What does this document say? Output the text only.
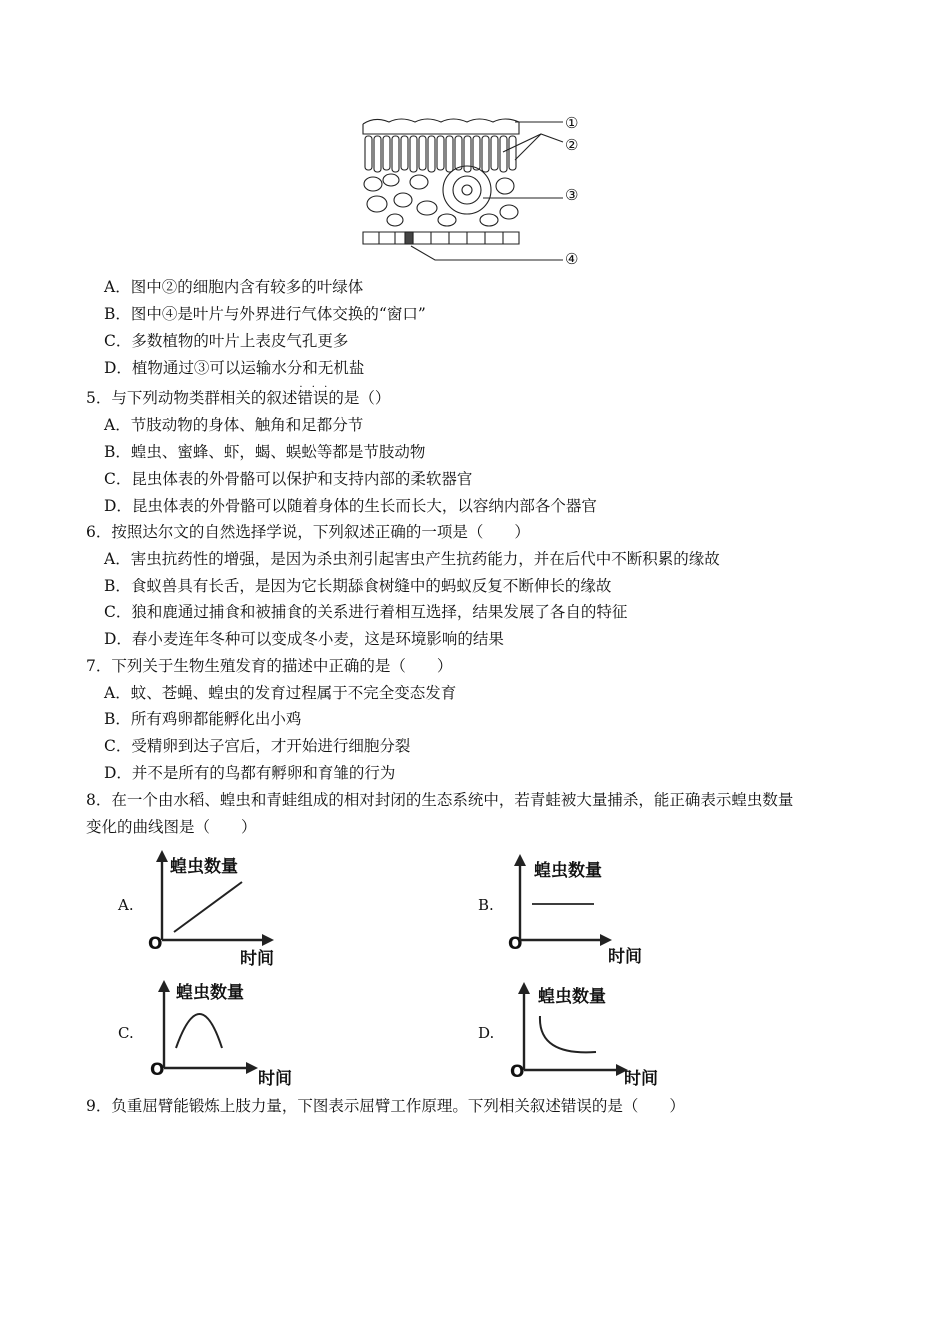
①
②
③
④
A．图中②的细胞内含有较多的叶绿体
B．图中④是叶片与外界进行气体交换的“窗口”
C．多数植物的叶片上表皮气孔更多
D．植物通过③可以运输水分和无机盐
5．与下列动物类群相关的叙述错误 · · ·的是（）
A．节肢动物的身体、触角和足都分节
B．蝗虫、蜜蜂、虾，蝎、蜈蚣等都是节肢动物
C．昆虫体表的外骨骼可以保护和支持内部的柔软器官
D．昆虫体表的外骨骼可以随着身体的生长而长大，以容纳内部各个器官
6．按照达尔文的自然选择学说，下列叙述正确的一项是（　　）
A．害虫抗药性的增强，是因为杀虫剂引起害虫产生抗药能力，并在后代中不断积累的缘故
B．食蚁兽具有长舌，是因为它长期舔食树缝中的蚂蚁反复不断伸长的缘故
C．狼和鹿通过捕食和被捕食的关系进行着相互选择，结果发展了各自的特征
D．春小麦连年冬种可以变成冬小麦，这是环境影响的结果
7．下列关于生物生殖发育的描述中正确的是（　　）
A．蚊、苍蝇、蝗虫的发育过程属于不完全变态发育
B．所有鸡卵都能孵化出小鸡
C．受精卵到达子宫后，才开始进行细胞分裂
D．并不是所有的鸟都有孵卵和育雏的行为
8．在一个由水稻、蝗虫和青蛙组成的相对封闭的生态系统中，若青蛙被大量捕杀，能正确表示蝗虫数量
变化的曲线图是（　　）
A.
蝗虫数量
时间
O
B.
蝗虫数量
时间
O
C.
蝗虫数量
时间
O
D.
蝗虫数量
时间
O
9．负重屈臂能锻炼上肢力量，下图表示屈臂工作原理。下列相关叙述错误的是（　　）
